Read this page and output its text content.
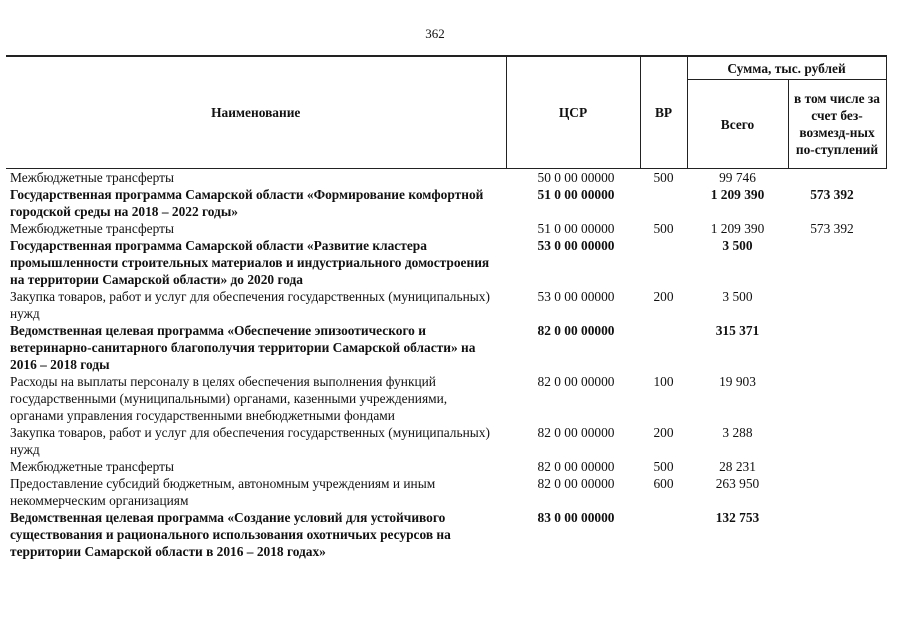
362
Наименование	ЦСР	ВР	Сумма, тыс. рублей	
			Всего	в том числе за счет без-возмезд-ных по-ступлений

Межбюджетные трансферты	50 0 00 00000	500	99 746	
Государственная программа Самарской области «Формирование комфортной городской среды на 2018 – 2022 годы»	51 0 00 00000		1 209 390	573 392
Межбюджетные трансферты	51 0 00 00000	500	1 209 390	573 392
Государственная программа Самарской области «Развитие кластера промышленности строительных материалов и индустриального домостроения на территории Самарской области» до 2020 года	53 0 00 00000		3 500	
Закупка товаров, работ и услуг для обеспечения государственных (муниципальных) нужд	53 0 00 00000	200	3 500	
Ведомственная целевая программа «Обеспечение эпизоотического и ветеринарно-санитарного благополучия территории Самарской области» на 2016 – 2018 годы	82 0 00 00000		315 371	
Расходы на выплаты персоналу в целях обеспечения выполнения функций государственными (муниципальными) органами, казенными учреждениями, органами управления государственными внебюджетными фондами	82 0 00 00000	100	19 903	
Закупка товаров, работ и услуг для обеспечения государственных (муниципальных) нужд	82 0 00 00000	200	3 288	
Межбюджетные трансферты	82 0 00 00000	500	28 231	
Предоставление субсидий бюджетным, автономным учреждениям и иным некоммерческим организациям	82 0 00 00000	600	263 950	
Ведомственная целевая программа «Создание условий для устойчивого существования и рационального использования охотничьих ресурсов на территории Самарской области в 2016 – 2018 годах»	83 0 00 00000		132 753	
